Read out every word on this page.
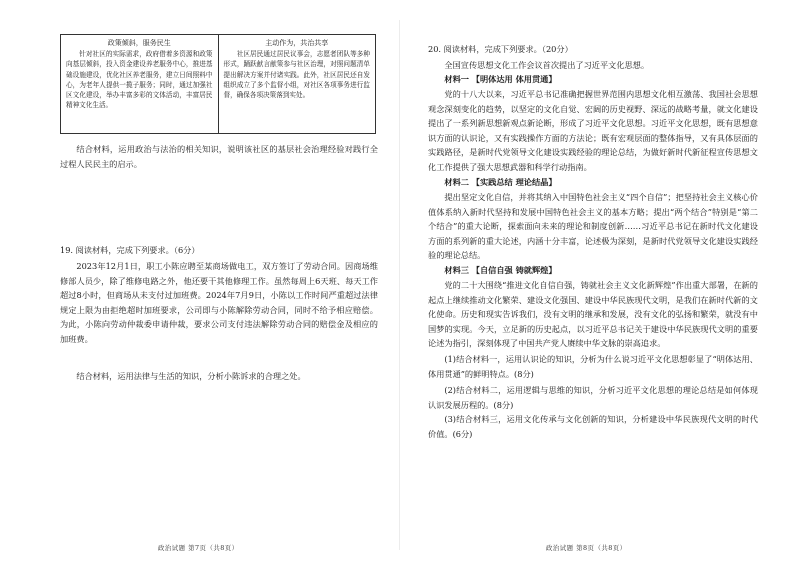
政策倾斜，服务民生
针对社区的实际需求，政府借着多资源和政策向基层倾斜，投入资金建设养老服务中心，推进基础设施建设，优化社区养老服务，建立日间照料中心，为老年人提供一揽子服务；同时，通过加强社区文化建设，举办丰富多彩的文体活动，丰富居民精神文化生活。
主动作为，共治共享
社区居民通过居民议事会，志愿者团队等多种形式，踊跃献言献策参与社区治理，对照问题清单提出解决方案并付诸实践。此外，社区居民还自发组织成立了多个监督小组，对社区各项事务进行监督，确保各项决策落到实处。

结合材料，运用政治与法治的相关知识，说明该社区的基层社会治理经验对践行全过程人民民主的启示。

19. 阅读材料，完成下列要求。（6分）

2023年12月1日，职工小陈应聘至某商场做电工，双方签订了劳动合同。因商场维修部人员少，除了维修电路之外，他还要干其他修理工作。虽然每周上6天班、每天工作超过8小时，但商场从未支付过加班费。2024年7月9日，小陈以工作时间严重超过法律规定上限为由拒绝超时加班要求，公司即与小陈解除劳动合同，同时不给予相应赔偿。为此，小陈向劳动仲裁委申请仲裁，要求公司支付违法解除劳动合同的赔偿金及相应的加班费。

结合材料，运用法律与生活的知识，分析小陈诉求的合理之处。

政治试题 第7页（共8页）

20. 阅读材料，完成下列要求。（20分）

全国宣传思想文化工作会议首次提出了习近平文化思想。

材料一 【明体达用 体用贯通】

党的十八大以来，习近平总书记准确把握世界范围内思想文化相互激荡、我国社会思想观念深刻变化的趋势，以坚定的文化自觉、宏阔的历史视野、深远的战略考量，就文化建设提出了一系列新思想新观点新论断，形成了习近平文化思想。习近平文化思想，既有思想意识方面的认识论，又有实践操作方面的方法论；既有宏观层面的整体指导，又有具体层面的实践路径，是新时代党领导文化建设实践经验的理论总结，为做好新时代新征程宣传思想文化工作提供了强大思想武器和科学行动指南。

材料二 【实践总结 理论结晶】

提出坚定文化自信，并将其纳入中国特色社会主义“四个自信”；把坚持社会主义核心价值体系纳入新时代坚持和发展中国特色社会主义的基本方略；提出“两个结合”特别是“第二个结合”的重大论断，探索面向未来的理论和制度创新……习近平总书记在新时代文化建设方面的系列新的重大论述，内涵十分丰富，论述极为深刻，是新时代党领导文化建设实践经验的理论总结。

材料三 【自信自强 铸就辉煌】

党的二十大围绕“推进文化自信自强，铸就社会主义文化新辉煌”作出重大部署，在新的起点上继续推动文化繁荣、建设文化强国、建设中华民族现代文明，是我们在新时代新的文化使命。历史和现实告诉我们，没有文明的继承和发展，没有文化的弘扬和繁荣，就没有中国梦的实现。今天，立足新的历史起点，以习近平总书记关于建设中华民族现代文明的重要论述为指引，深刻体现了中国共产党人赓续中华文脉的崇高追求。

(1)结合材料一，运用认识论的知识，分析为什么说习近平文化思想彰显了“明体达用、体用贯通”的鲜明特点。(8分)

(2)结合材料二，运用逻辑与思维的知识，分析习近平文化思想的理论总结是如何体现认识发展历程的。(8分)

(3)结合材料三，运用文化传承与文化创新的知识，分析建设中华民族现代文明的时代价值。(6分)

政治试题 第8页（共8页）
